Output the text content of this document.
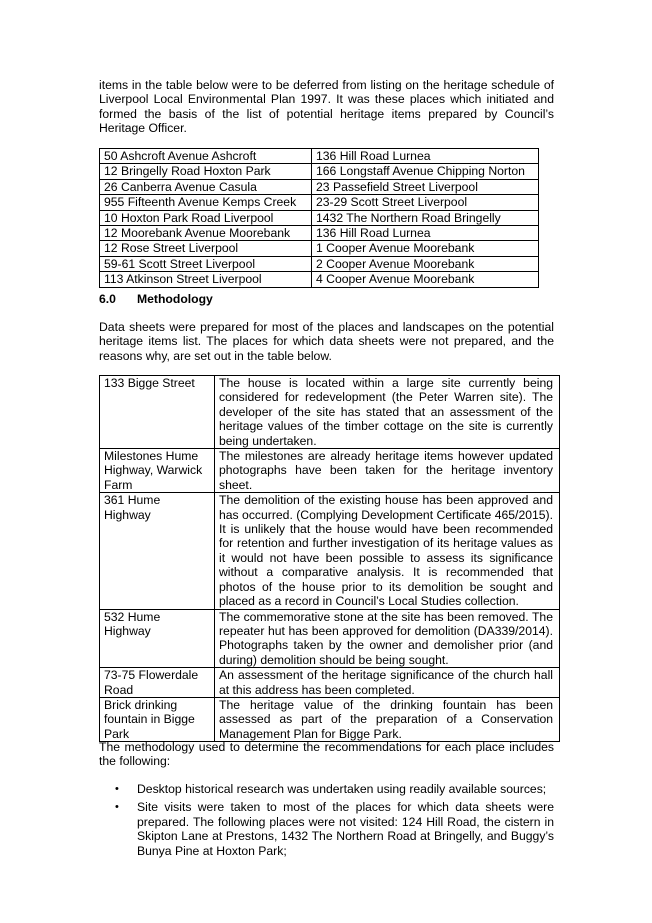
items in the table below were to be deferred from listing on the heritage schedule of Liverpool Local Environmental Plan 1997. It was these places which initiated and formed the basis of the list of potential heritage items prepared by Council’s Heritage Officer.

50 Ashcroft Avenue Ashcroft	136 Hill Road Lurnea
12 Bringelly Road Hoxton Park	166 Longstaff Avenue Chipping Norton
26 Canberra Avenue Casula	23 Passefield Street Liverpool
955 Fifteenth Avenue Kemps Creek	23-29 Scott Street Liverpool
10 Hoxton Park Road Liverpool	1432 The Northern Road Bringelly
12 Moorebank Avenue Moorebank	136 Hill Road Lurnea
12 Rose Street Liverpool	1 Cooper Avenue Moorebank
59-61 Scott Street Liverpool	2 Cooper Avenue Moorebank
113 Atkinson Street Liverpool	4 Cooper Avenue Moorebank
6.0	Methodology

Data sheets were prepared for most of the places and landscapes on the potential heritage items list. The places for which data sheets were not prepared, and the reasons why, are set out in the table below.

133 Bigge Street	The house is located within a large site currently being considered for redevelopment (the Peter Warren site). The developer of the site has stated that an assessment of the heritage values of the timber cottage on the site is currently being undertaken.
Milestones Hume Highway, Warwick Farm	The milestones are already heritage items however updated photographs have been taken for the heritage inventory sheet.
361 Hume Highway	The demolition of the existing house has been approved and has occurred. (Complying Development Certificate 465/2015). It is unlikely that the house would have been recommended for retention and further investigation of its heritage values as it would not have been possible to assess its significance without a comparative analysis. It is recommended that photos of the house prior to its demolition be sought and placed as a record in Council’s Local Studies collection.
532 Hume Highway	The commemorative stone at the site has been removed. The repeater hut has been approved for demolition (DA339/2014). Photographs taken by the owner and demolisher prior (and during) demolition should be being sought.
73-75 Flowerdale Road	An assessment of the heritage significance of the church hall at this address has been completed.
Brick drinking fountain in Bigge Park	The heritage value of the drinking fountain has been assessed as part of the preparation of a Conservation Management Plan for Bigge Park.

The methodology used to determine the recommendations for each place includes the following:

•	Desktop historical research was undertaken using readily available sources;
•	Site visits were taken to most of the places for which data sheets were prepared. The following places were not visited: 124 Hill Road, the cistern in Skipton Lane at Prestons, 1432 The Northern Road at Bringelly, and Buggy’s Bunya Pine at Hoxton Park;
